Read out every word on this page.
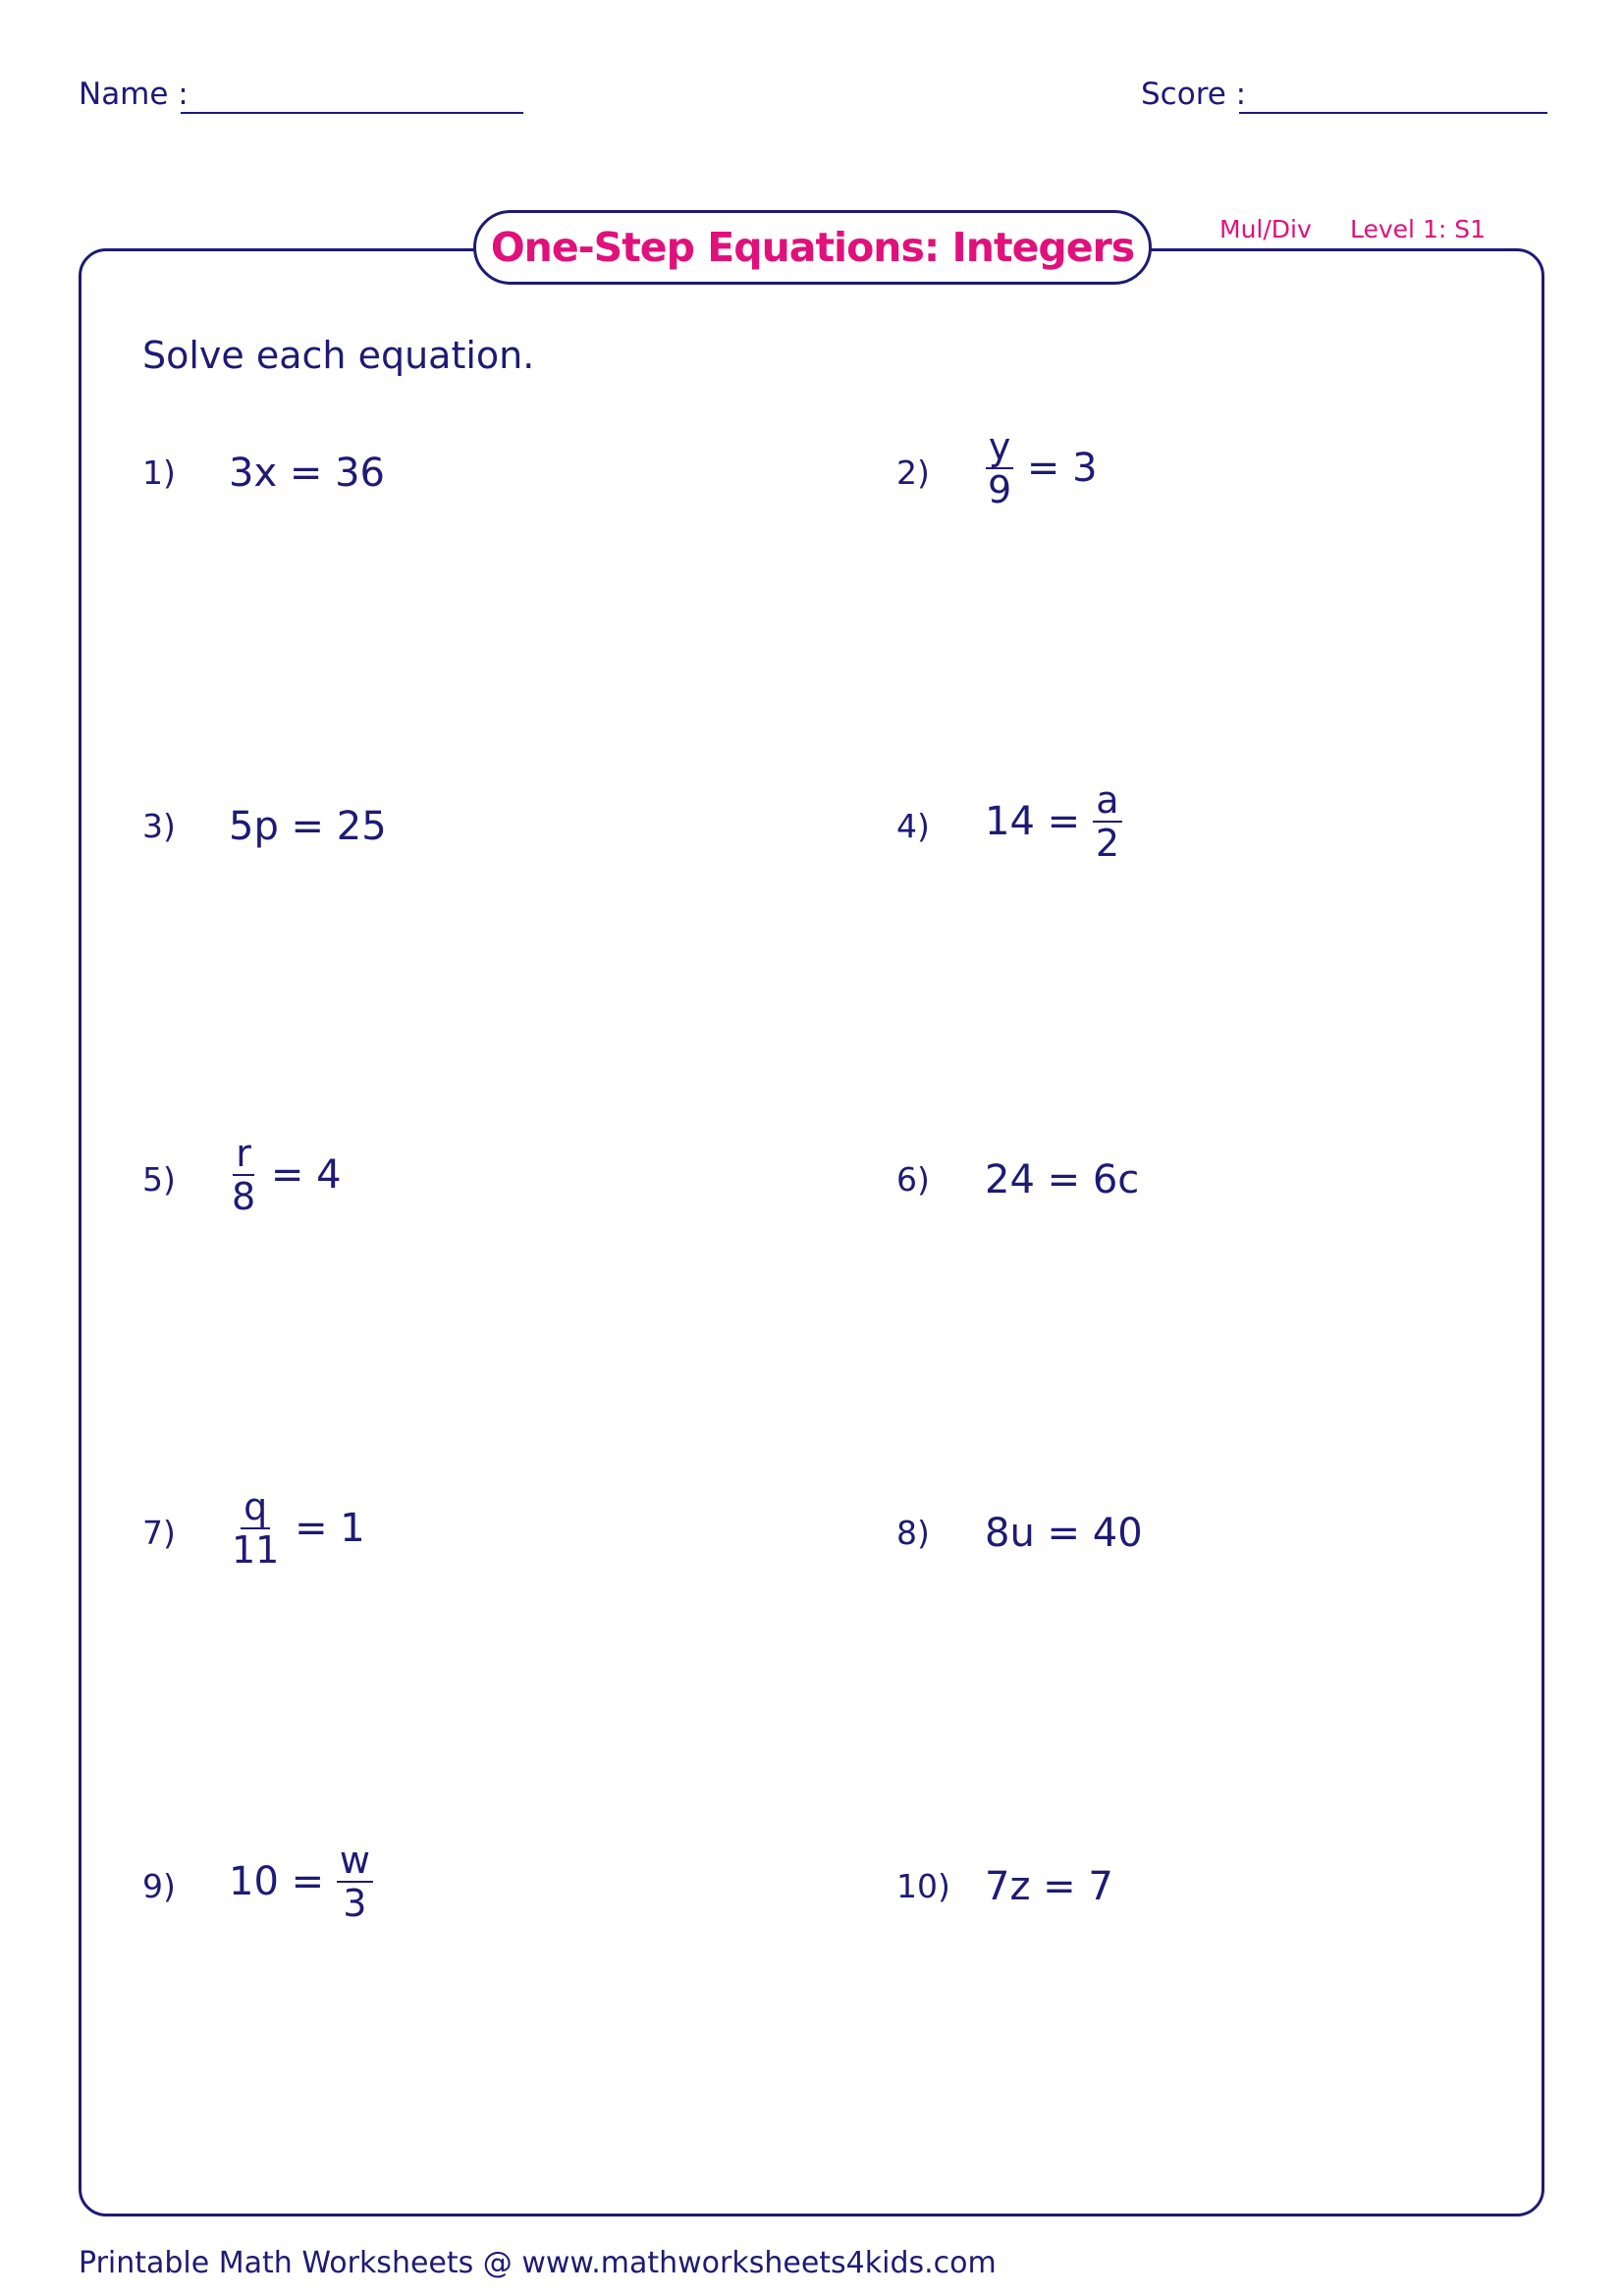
Name :	Score :
One-Step Equations: Integers	Mul/Div Level 1: S1
Solve each equation.
1) 3x = 36	$2) \frac{y}{9} = 3$
3) 5p = 25	4) $14 = \frac{a}{2}$
$5) \frac{r}{8} = 4$	6) 24 = 6c
$7) \frac{q}{11} = 1$	8) 8u = 40
9) $10 = \frac{w}{3}$	10) 7z = 7
Printable Math Worksheets @ www.mathworksheets4kids.com
